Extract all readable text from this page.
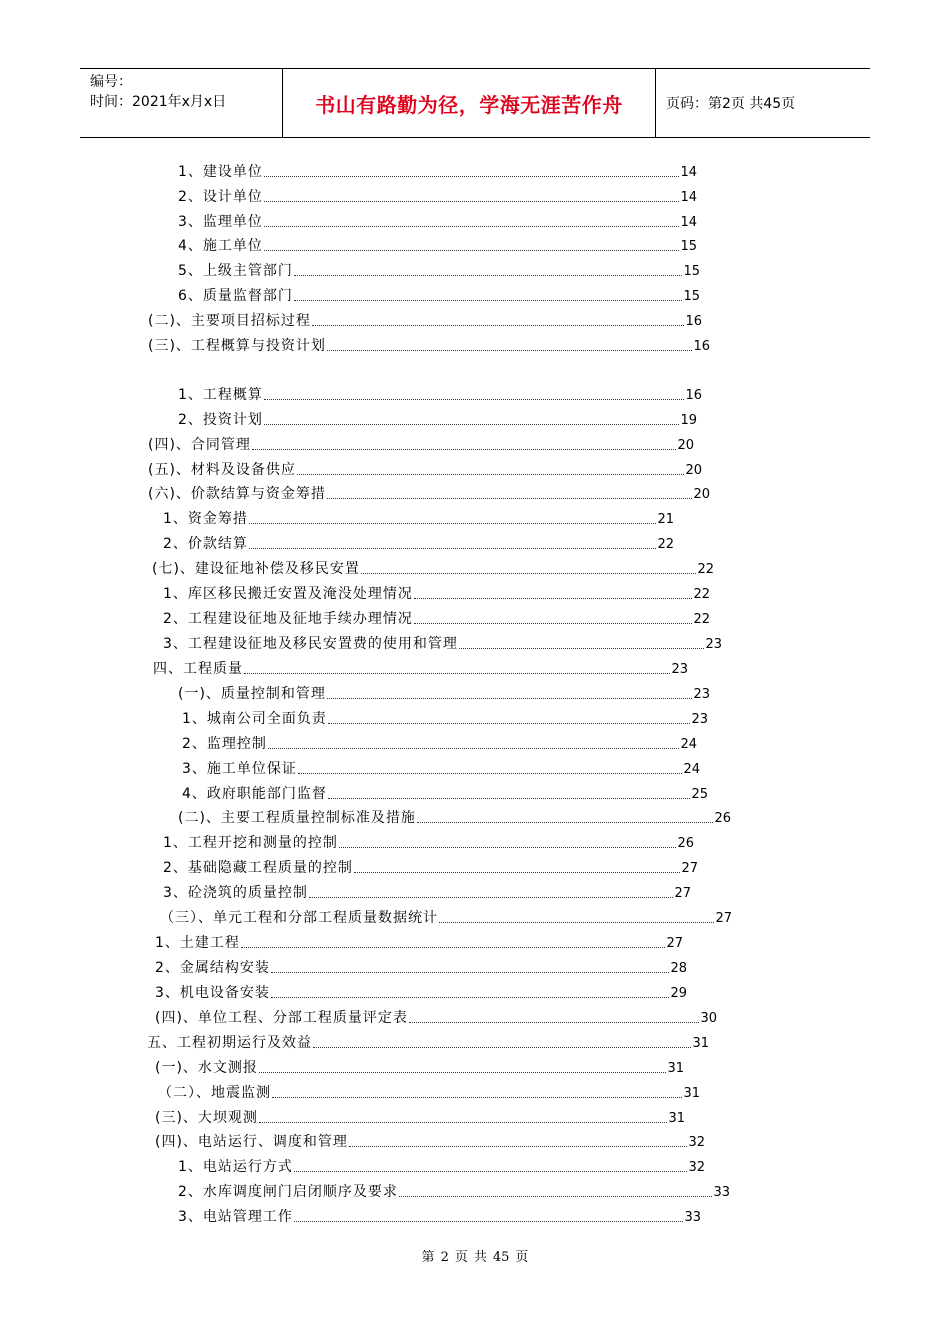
编号：
时间：2021年x月x日	书山有路勤为径，学海无涯苦作舟	页码：第2页 共45页
1、建设单位	14
2、设计单位	14
3、监理单位	14
4、施工单位	15
5、上级主管部门	15
6、质量监督部门	15
(二)、主要项目招标过程	16
(三)、工程概算与投资计划	16
1、工程概算	16
2、投资计划	19
(四)、合同管理	20
(五)、材料及设备供应	20
(六)、价款结算与资金筹措	20
1、资金筹措	21
2、价款结算	22
(七)、建设征地补偿及移民安置	22
1、库区移民搬迁安置及淹没处理情况	22
2、工程建设征地及征地手续办理情况	22
3、工程建设征地及移民安置费的使用和管理	23
四、工程质量	23
(一)、质量控制和管理	23
1、城南公司全面负责	23
2、监理控制	24
3、施工单位保证	24
4、政府职能部门监督	25
(二)、主要工程质量控制标准及措施	26
1、工程开挖和测量的控制	26
2、基础隐藏工程质量的控制	27
3、砼浇筑的质量控制	27
（三）、单元工程和分部工程质量数据统计	27
1、土建工程	27
2、金属结构安装	28
3、机电设备安装	29
(四)、单位工程、分部工程质量评定表	30
五、工程初期运行及效益	31
(一)、水文测报	31
（二）、地震监测	31
(三)、大坝观测	31
(四)、电站运行、调度和管理	32
1、电站运行方式	32
2、水库调度闸门启闭顺序及要求	33
3、电站管理工作	33
第 2 页 共 45 页
